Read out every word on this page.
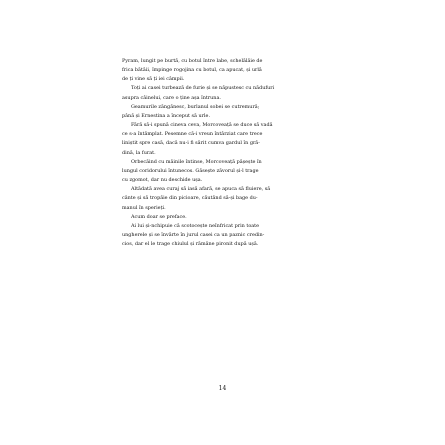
Pyram, lungit pe burtă, cu botul între labe, schelălăie de
frica bătăii, împinge rogojina cu botul, ca apucat, și urlă
de ți vine să ți iei câmpii.

Toți ai casei turbează de furie și se năpustesc cu nădufuri
asupra câinelui, care o ține așa întruna.

Geamurile zăngănesc, burlanul sobei se cutremură;
până și Ernestina a început să urle.

Fără să-i spună cineva ceva, Morcoveață se duce să vadă
ce s-a întâmplat. Pesemne că-i vreun întârziat care trece
liniștit spre casă, dacă nu-i fi sărit cumva gardul în gră-
dină, la furat.

Orbecăind cu mâinile întinse, Morcoveață pășește în
lungul coridorului întunecos. Găsește zăvorul și-l trage
cu zgomot, dar nu deschide ușa.

Altădată avea curaj să iasă afară, se apuca să fluiere, să
cânte și să tropăie din picioare, căutând să-și bage du-
manul în sperieți.

Acum doar se preface.

Ai lui și-nchipuie că scotocește neînfricat prin toate
ungherele și se învârte în jurul casei ca un paznic credin-
cios, dar el le trage chiulul și rămâne pironit după ușă.

14
